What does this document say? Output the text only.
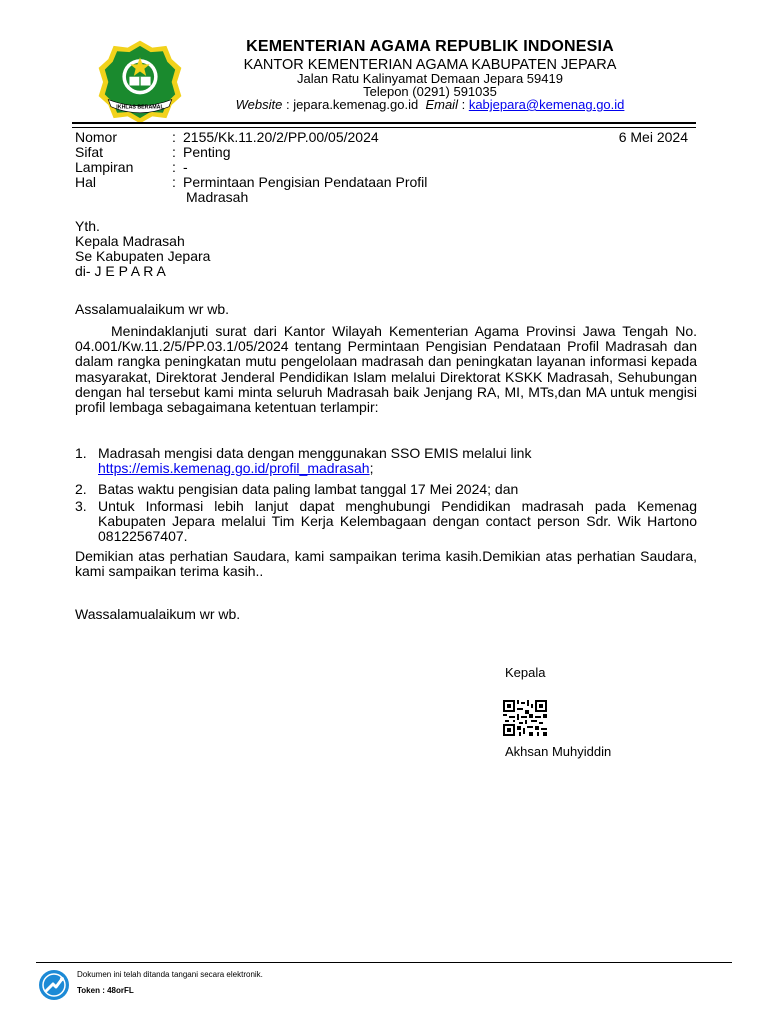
IKHLAS BERAMAL
KEMENTERIAN AGAMA REPUBLIK INDONESIA
KANTOR KEMENTERIAN AGAMA KABUPATEN JEPARA
Jalan Ratu Kalinyamat Demaan Jepara 59419
Telepon (0291) 591035
Website : jepara.kemenag.go.id Email : kabjepara@kemenag.go.id
Nomor	: 2155/Kk.11.20/2/PP.00/05/2024	6 Mei 2024
Sifat	: Penting
Lampiran	: -
Hal	: Permintaan Pengisian Pendataan Profil
Madrasah
Yth.
Kepala Madrasah
Se Kabupaten Jepara
di- J E P A R A
Assalamualaikum wr wb.
Menindaklanjuti surat dari Kantor Wilayah Kementerian Agama Provinsi Jawa Tengah No. 04.001/Kw.11.2/5/PP.03.1/05/2024 tentang Permintaan Pengisian Pendataan Profil Madrasah dan dalam rangka peningkatan mutu pengelolaan madrasah dan peningkatan layanan informasi kepada masyarakat, Direktorat Jenderal Pendidikan Islam melalui Direktorat KSKK Madrasah, Sehubungan dengan hal tersebut kami minta seluruh Madrasah baik Jenjang RA, MI, MTs,dan MA untuk mengisi profil lembaga sebagaimana ketentuan terlampir:
1. Madrasah mengisi data dengan menggunakan SSO EMIS melalui link
https://emis.kemenag.go.id/profil_madrasah;
2. Batas waktu pengisian data paling lambat tanggal 17 Mei 2024; dan
3. Untuk Informasi lebih lanjut dapat menghubungi Pendidikan madrasah pada Kemenag Kabupaten Jepara melalui Tim Kerja Kelembagaan dengan contact person Sdr. Wik Hartono 08122567407.
Demikian atas perhatian Saudara, kami sampaikan terima kasih.Demikian atas perhatian Saudara, kami sampaikan terima kasih..
Wassalamualaikum wr wb.
Kepala
Akhsan Muhyiddin
Dokumen ini telah ditanda tangani secara elektronik.
Token : 48orFL
